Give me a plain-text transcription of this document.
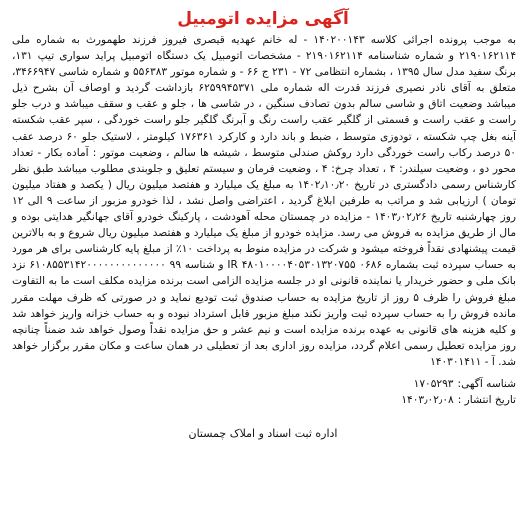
آگهی مزایده اتومبیل

به موجب پرونده اجرائی کلاسه ۱۴۰۲۰۰۱۴۳ - له خانم عهدیه قیصری فیروز فرزند طهمورث به شماره ملی ۲۱۹۰۱۶۲۱۱۴ و شماره شناسنامه ۲۱۹۰۱۶۲۱۱۴ - مشخصات اتومبیل یک دستگاه اتومبیل پراید سواری تیپ ۱۳۱، برنگ سفید مدل سال ۱۳۹۵ ، بشماره انتظامی ۷۲ - ۲۳۱ ج ۶۶ - و شماره موتور ۵۵۶۳۸۳ و شماره شاسی ۳۴۶۶۹۴۷، متعلق به آقای نادر نصیری فرزند قدرت اله شماره ملی ۶۲۵۹۹۴۵۳۷۱ بازداشت گردید و اوصاف آن بشرح ذیل میباشد وضعیت اتاق و شاسی سالم بدون تصادف سنگین ، در شاسی ها ، جلو و عقب و سقف میباشد و درب جلو راست و عقب راست و قسمتی از گلگیر عقب راست رنگ و آبرنگ گلگیر جلو راست خوردگی ، سپر عقب شکسته آینه بغل چپ شکسته ، تودوزی متوسط ، ضبط و باند دارد و کارکرد ۱۷۶۳۶۱ کیلومتر ، لاستیک جلو ۶۰ درصد عقب ۵۰ درصد رکاب راست خوردگی دارد روکش صندلی متوسط ، شیشه ها سالم ، وضعیت موتور : آماده بکار - تعداد محور دو ، وضعیت سیلندر: ۴ ، تعداد چرخ: ۴ ، وضعیت فرمان و سیستم تعلیق و جلوبندی مطلوب میباشد طبق نظر کارشناس رسمی دادگستری در تاریخ ۱۴۰۲٫۱۰٫۲۰ به مبلغ یک میلیارد و هفتصد میلیون ریال ( یکصد و هفتاد میلیون تومان ) ارزیابی شد و مراتب به طرفین ابلاغ گردید ، اعتراضی واصل نشد ، لذا خودرو مزبور از ساعت ۹ الی ۱۲ روز چهارشنبه تاریخ ۱۴۰۳٫۰۲٫۲۶ - مزایده در چمستان محله آهودشت ، پارکینگ خودرو آقای جهانگیر هدایتی بوده و مال از طریق مزایده به فروش می رسد. مزایده خودرو از مبلغ یک میلیارد و هفتصد میلیون ریال شروع و به بالاترین قیمت پیشنهادی نقداً فروخته میشود و شرکت در مزایده منوط به پرداخت ۱۰٪ از مبلغ پایه کارشناسی برای هر مورد به حساب سپرده ثبت بشماره ۰۶۸۶ ۴۸۰۱۰۰۰۰۴۰۵۳۰۱۳۲۰۷۵۵ IR و شناسه ۹۹ ۶۱۰۸۵۵۳۱۴۲۰۰۰۰۰۰۰۰۰۰۰۰۰۰ نزد بانک ملی و حضور خریدار یا نماینده قانونی او در جلسه مزایده الزامی است برنده مزایده مکلف است ما به التفاوت مبلغ فروش را ظرف ۵ روز از تاریخ مزایده به حساب صندوق ثبت تودیع نماید و در صورتی که ظرف مهلت مقرر مانده فروش را به حساب سپرده ثبت واریز نکند مبلغ مزبور قابل استرداد نبوده و به حساب خزانه واریز خواهد شد و کلیه هزینه های قانونی به عهده برنده مزایده است و نیم عشر و حق مزایده نقداً وصول خواهد شد ضمناً چنانچه روز مزایده تعطیل رسمی اعلام گردد، مزایده روز اداری بعد از تعطیلی در همان ساعت و مکان مقرر برگزار خواهد شد. آ - ۱۴۰۳۰۱۴۱۱

شناسه آگهی:۱۷۰۵۲۹۳
تاریخ انتشار :۱۴۰۳٫۰۲٫۰۸
اداره ثبت اسناد و املاک چمستان
